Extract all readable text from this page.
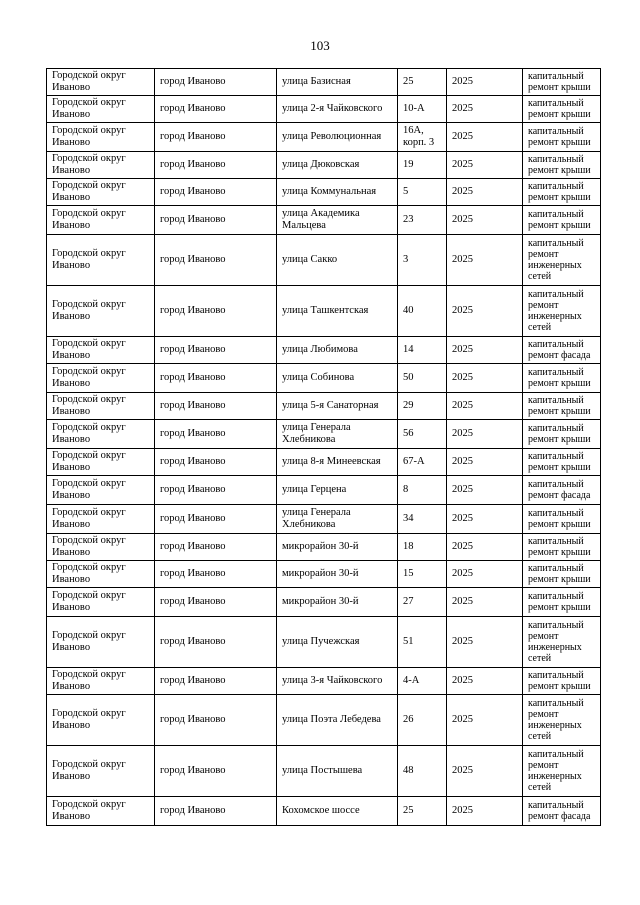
103
Городской округ Иваново	город Иваново	улица Базисная	25	2025	капитальный ремонт крыши
Городской округ Иваново	город Иваново	улица 2-я Чайковского	10-А	2025	капитальный ремонт крыши
Городской округ Иваново	город Иваново	улица Революционная	16А, корп. 3	2025	капитальный ремонт крыши
Городской округ Иваново	город Иваново	улица Дюковская	19	2025	капитальный ремонт крыши
Городской округ Иваново	город Иваново	улица Коммунальная	5	2025	капитальный ремонт крыши
Городской округ Иваново	город Иваново	улица Академика Мальцева	23	2025	капитальный ремонт крыши
Городской округ Иваново	город Иваново	улица Сакко	3	2025	капитальный ремонт инженерных сетей
Городской округ Иваново	город Иваново	улица Ташкентская	40	2025	капитальный ремонт инженерных сетей
Городской округ Иваново	город Иваново	улица Любимова	14	2025	капитальный ремонт фасада
Городской округ Иваново	город Иваново	улица Собинова	50	2025	капитальный ремонт крыши
Городской округ Иваново	город Иваново	улица 5-я Санаторная	29	2025	капитальный ремонт крыши
Городской округ Иваново	город Иваново	улица Генерала Хлебникова	56	2025	капитальный ремонт крыши
Городской округ Иваново	город Иваново	улица 8-я Минеевская	67-А	2025	капитальный ремонт крыши
Городской округ Иваново	город Иваново	улица Герцена	8	2025	капитальный ремонт фасада
Городской округ Иваново	город Иваново	улица Генерала Хлебникова	34	2025	капитальный ремонт крыши
Городской округ Иваново	город Иваново	микрорайон 30-й	18	2025	капитальный ремонт крыши
Городской округ Иваново	город Иваново	микрорайон 30-й	15	2025	капитальный ремонт крыши
Городской округ Иваново	город Иваново	микрорайон 30-й	27	2025	капитальный ремонт крыши
Городской округ Иваново	город Иваново	улица Пучежская	51	2025	капитальный ремонт инженерных сетей
Городской округ Иваново	город Иваново	улица 3-я Чайковского	4-А	2025	капитальный ремонт крыши
Городской округ Иваново	город Иваново	улица Поэта Лебедева	26	2025	капитальный ремонт инженерных сетей
Городской округ Иваново	город Иваново	улица Постышева	48	2025	капитальный ремонт инженерных сетей
Городской округ Иваново	город Иваново	Кохомское шоссе	25	2025	капитальный ремонт фасада
